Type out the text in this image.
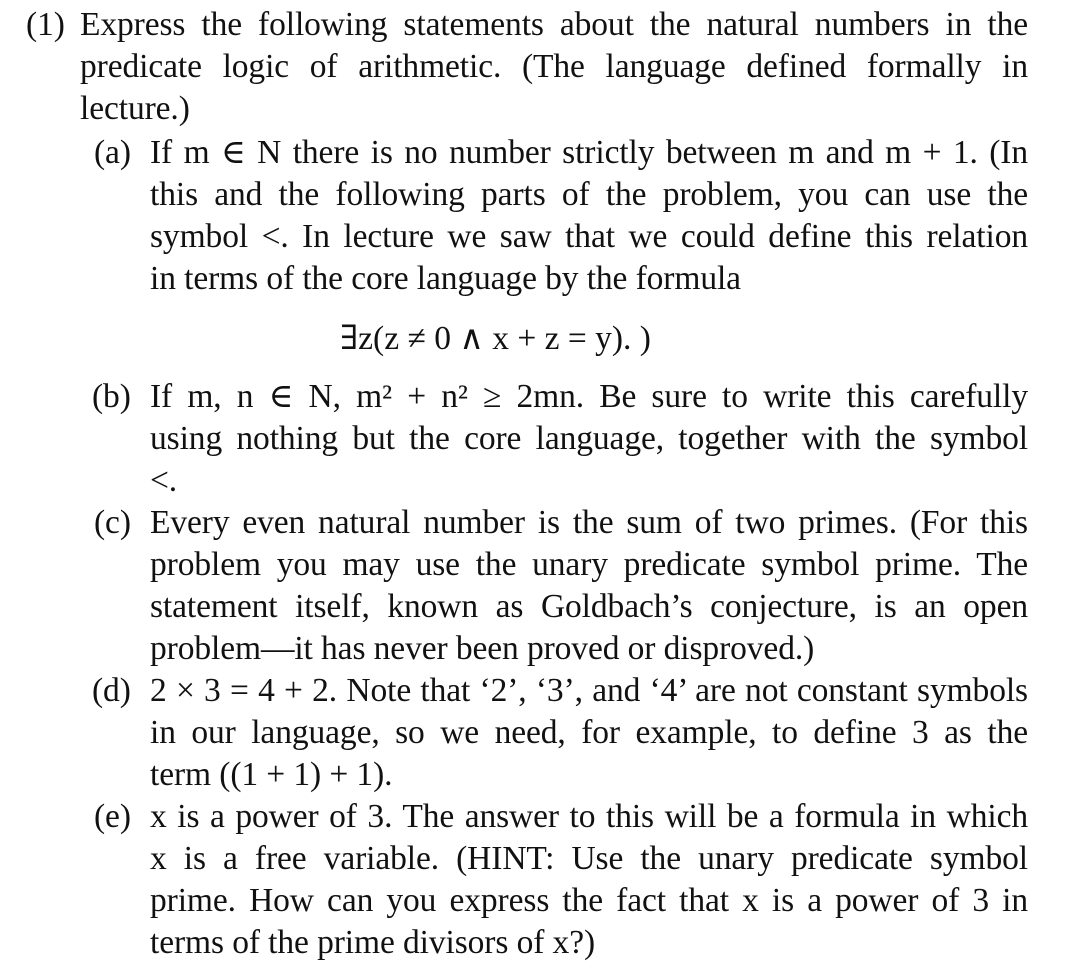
(1) Express the following statements about the natural numbers in the
predicate logic of arithmetic. (The language defined formally in
lecture.)
(a) If m ∈ N there is no number strictly between m and m + 1. (In
this and the following parts of the problem, you can use the
symbol <. In lecture we saw that we could define this relation
in terms of the core language by the formula
∃z(z ≠ 0 ∧ x + z = y). )
(b) If m, n ∈ N, m² + n² ≥ 2mn. Be sure to write this carefully
using nothing but the core language, together with the symbol
<.
(c) Every even natural number is the sum of two primes. (For this
problem you may use the unary predicate symbol prime. The
statement itself, known as Goldbach’s conjecture, is an open
problem—it has never been proved or disproved.)
(d) 2 × 3 = 4 + 2. Note that ‘2’, ‘3’, and ‘4’ are not constant symbols
in our language, so we need, for example, to define 3 as the
term ((1 + 1) + 1).
(e) x is a power of 3. The answer to this will be a formula in which
x is a free variable. (HINT: Use the unary predicate symbol
prime. How can you express the fact that x is a power of 3 in
terms of the prime divisors of x?)
